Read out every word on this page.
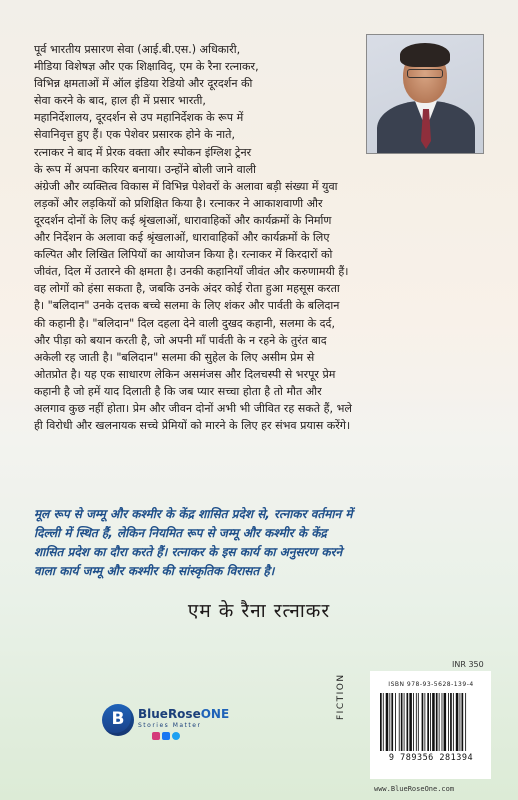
पूर्व भारतीय प्रसारण सेवा (आई.बी.एस.) अधिकारी,
मीडिया विशेषज्ञ और एक शिक्षाविद्, एम के रैना रत्नाकर,
विभिन्न क्षमताओं में ऑल इंडिया रेडियो और दूरदर्शन की
सेवा करने के बाद, हाल ही में प्रसार भारती,
महानिर्देशालय, दूरदर्शन से उप महानिर्देशक के रूप में
सेवानिवृत्त हुए हैं। एक पेशेवर प्रसारक होने के नाते,
रत्नाकर ने बाद में प्रेरक वक्ता और स्पोकन इंग्लिश ट्रेनर
के रूप में अपना करियर बनाया। उन्होंने बोली जाने वाली
अंग्रेजी और व्यक्तित्व विकास में विभिन्न पेशेवरों के अलावा बड़ी संख्या में युवा
लड़कों और लड़कियों को प्रशिक्षित किया है। रत्नाकर ने आकाशवाणी और
दूरदर्शन दोनों के लिए कई श्रृंखलाओं, धारावाहिकों और कार्यक्रमों के निर्माण
और निर्देशन के अलावा कई श्रृंखलाओं, धारावाहिकों और कार्यक्रमों के लिए
कल्पित और लिखित लिपियों का आयोजन किया है। रत्नाकर में किरदारों को
जीवंत, दिल में उतारने की क्षमता है। उनकी कहानियाँ जीवंत और करुणामयी हैं।
वह लोगों को हंसा सकता है, जबकि उनके अंदर कोई रोता हुआ महसूस करता
है। "बलिदान" उनके दत्तक बच्चे सलमा के लिए शंकर और पार्वती के बलिदान
की कहानी है। "बलिदान" दिल दहला देने वाली दुखद कहानी, सलमा के दर्द,
और पीड़ा को बयान करती है, जो अपनी माँ पार्वती के न रहने के तुरंत बाद
अकेली रह जाती है। "बलिदान" सलमा की सुहेल के लिए असीम प्रेम से
ओतप्रोत है। यह एक साधारण लेकिन असमंजस और दिलचस्पी से भरपूर प्रेम
कहानी है जो हमें याद दिलाती है कि जब प्यार सच्चा होता है तो मौत और
अलगाव कुछ नहीं होता। प्रेम और जीवन दोनों अभी भी जीवित रह सकते हैं, भले
ही विरोधी और खलनायक सच्चे प्रेमियों को मारने के लिए हर संभव प्रयास करेंगे।
मूल रूप से जम्मू और कश्मीर के केंद्र शासित प्रदेश से, रत्नाकर वर्तमान में
दिल्ली में स्थित हैं, लेकिन नियमित रूप से जम्मू और कश्मीर के केंद्र
शासित प्रदेश का दौरा करते हैं। रत्नाकर के इस कार्य का अनुसरण करने
वाला कार्य जम्मू और कश्मीर की सांस्कृतिक विरासत है।
एम के रैना रत्नाकर
INR 350
B	BlueRoseONE
Stories Matter
FICTION	ISBN 978-93-5628-139-4
9 789356 281394
www.BlueRoseOne.com
